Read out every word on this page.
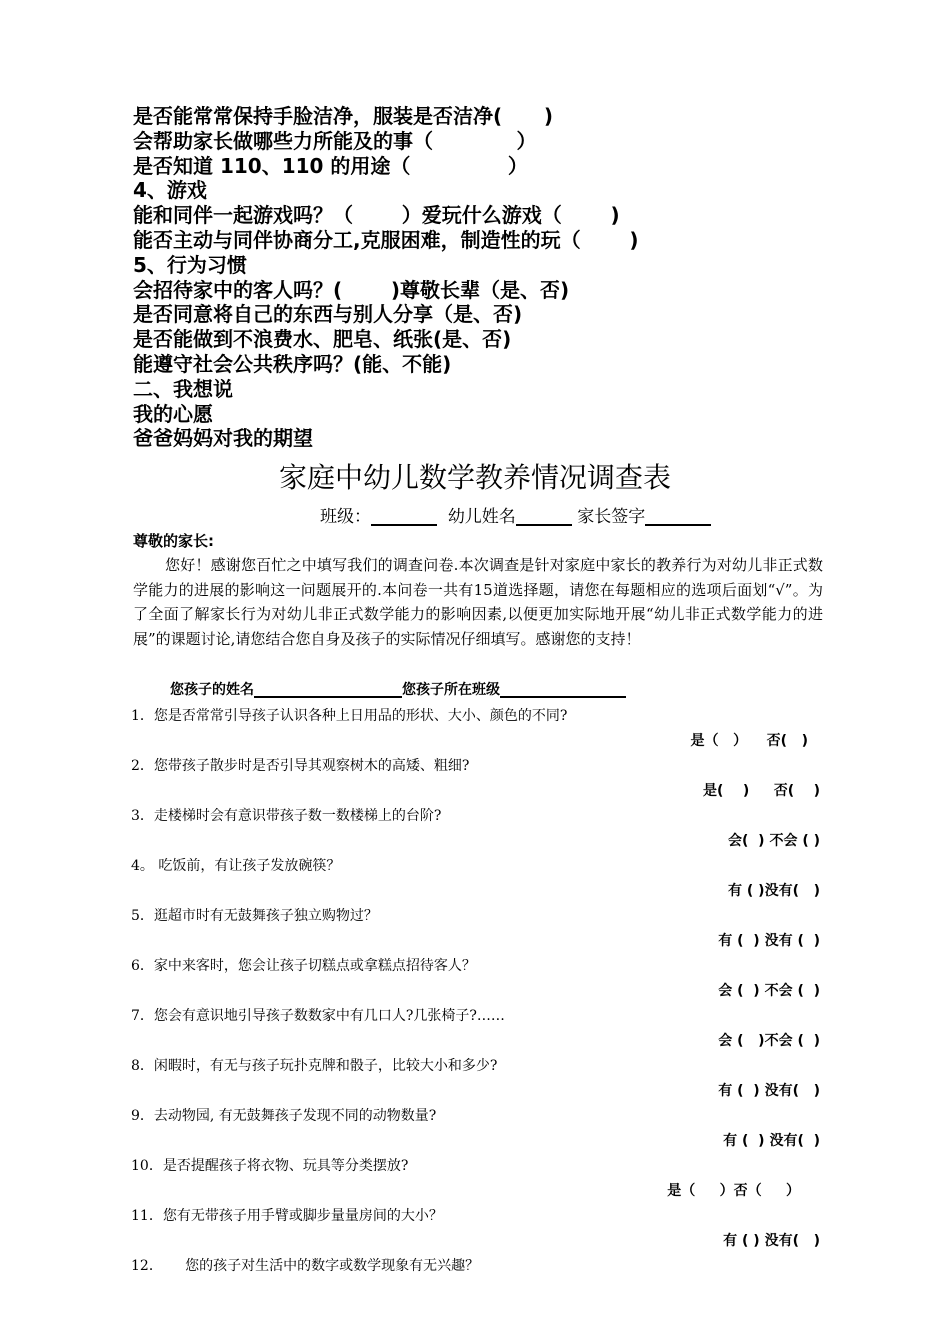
是否能常常保持手脸洁净，服装是否洁净(      )
会帮助家长做哪些力所能及的事（            ）
是否知道 110、110 的用途（              ）
4、游戏
能和同伴一起游戏吗？（       ）爱玩什么游戏（       )
能否主动与同伴协商分工,克服困难，制造性的玩（       )
5、行为习惯
会招待家中的客人吗？(       )尊敬长辈（是、否)
是否同意将自己的东西与别人分享（是、否)
是否能做到不浪费水、肥皂、纸张(是、否)
能遵守社会公共秩序吗？(能、不能)
二、我想说
我的心愿
爸爸妈妈对我的期望
家庭中幼儿数学教养情况调查表
班级：	幼儿姓名	家长签字
尊敬的家长:
您好！感谢您百忙之中填写我们的调查问卷.本次调查是针对家庭中家长的教养行为对幼儿非正式数学能力的进展的影响这一问题展开的.本问卷一共有15道选择题，请您在每题相应的选项后面划“√”。为了全面了解家长行为对幼儿非正式数学能力的影响因素,以便更加实际地开展“幼儿非正式数学能力的进展”的课题讨论,请您结合您自身及孩子的实际情况仔细填写。感谢您的支持！
您孩子的姓名	您孩子所在班级
1．您是否常常引导孩子认识各种上日用品的形状、大小、颜色的不同?
是（   ）    否(   )
2．您带孩子散步时是否引导其观察树木的高矮、粗细?
是(    )     否(    )
3．走楼梯时会有意识带孩子数一数楼梯上的台阶?
会(  ) 不会 ( )
4。 吃饭前，有让孩子发放碗筷？
有 ( )没有(   )
5．逛超市时有无鼓舞孩子独立购物过？
有 (  ) 没有 (  )
6．家中来客时，您会让孩子切糕点或拿糕点招待客人？
会 (  ) 不会 (  )
7．您会有意识地引导孩子数数家中有几口人?几张椅子?……
会 (   )不会 (  )
8．闲暇时，有无与孩子玩扑克牌和骰子，比较大小和多少?
有 (  ) 没有(   )
9．去动物园, 有无鼓舞孩子发现不同的动物数量?
有 (  ) 没有(  )
10．是否提醒孩子将衣物、玩具等分类摆放?
是（     ）否（     ）
11．您有无带孩子用手臂或脚步量量房间的大小？
有 ( ) 没有(   )
12．     您的孩子对生活中的数字或数学现象有无兴趣？
